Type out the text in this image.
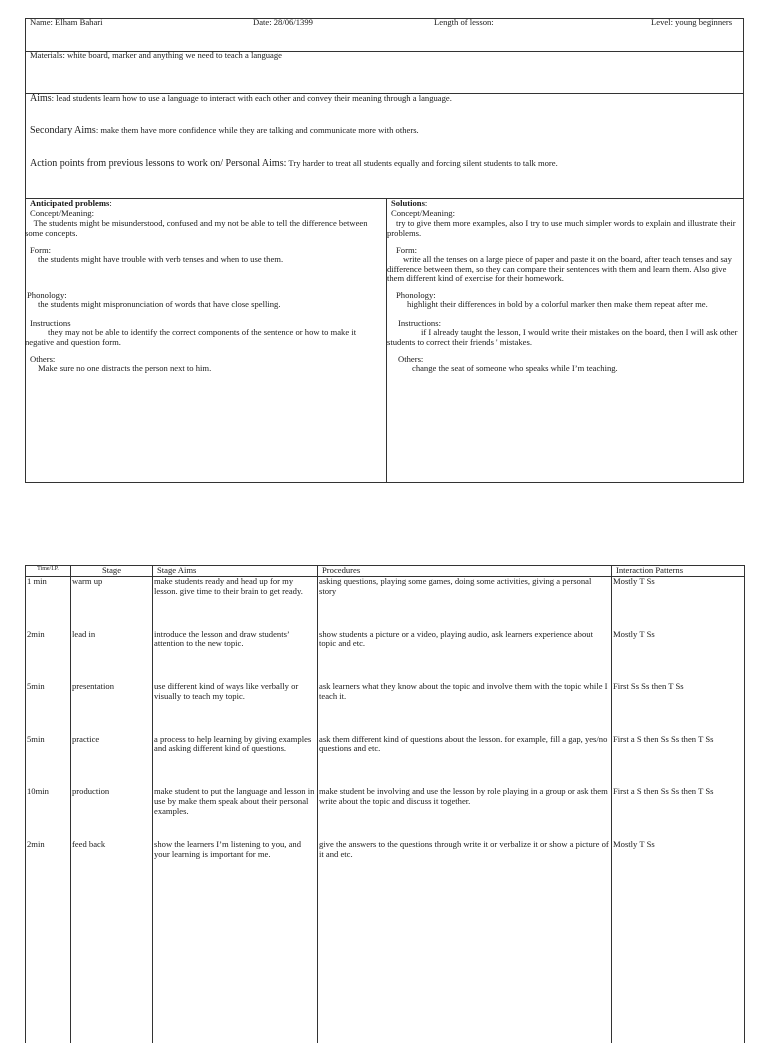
Name: Elham Bahari	Date: 28/06/1399	Length of lesson:	Level: young beginners
Materials: white board, marker and anything we need to teach a language
Aims: lead students learn how to use a language to interact with each other and convey their meaning through a language.
Secondary Aims: make them have more confidence while they are talking and communicate more with others.
Action points from previous lessons to work on/ Personal Aims: Try harder to treat all students equally and forcing silent students to talk more.
Anticipated problems:
Concept/Meaning:
The students might be misunderstood, confused and my not be able to tell the difference between some concepts.
Form:
the students might have trouble with verb tenses and when to use them.
Phonology:
the students might mispronunciation of words that have close spelling.
Instructions
they may not be able to identify the correct components of the sentence or how to make it negative and question form.
Others:
Make sure no one distracts the person next to him.
Solutions:
Concept/Meaning:
try to give them more examples, also I try to use much simpler words to explain and illustrate their problems.
Form:
write all the tenses on a large piece of paper and paste it on the board, after teach tenses and say difference between them, so they can compare their sentences with them and learn them. Also give them different kind of exercise for their homework.
Phonology:
highlight their differences in bold by a colorful marker then make them repeat after me.
Instructions:
if I already taught the lesson, I would write their mistakes on the board, then I will ask other students to correct their friends ' mistakes.
Others:
change the seat of someone who speaks while I’m teaching.
Time/I.P.	Stage	Stage Aims	Procedures	Interaction Patterns
1 min	warm up	make students ready and head up for my lesson. give time to their brain to get ready.	asking questions, playing some games, doing some activities, giving a personal story	Mostly T Ss
2min	lead in	introduce the lesson and draw students’ attention to the new topic.	show students a picture or a video, playing audio, ask learners experience about topic and etc.	Mostly T Ss
5min	presentation	use different kind of ways like verbally or visually to teach my topic.	ask learners what they know about the topic and involve them with the topic while I teach it.	First Ss Ss then T Ss
5min	practice	a process to help learning by giving examples and asking different kind of questions.	ask them different kind of questions about the lesson. for example, fill a gap, yes/no questions and etc.	First a S then Ss Ss then T Ss
10min	production	make student to put the language and lesson in use by make them speak about their personal examples.	make student be involving and use the lesson by role playing in a group or ask them write about the topic and discuss it together.	First a S then Ss Ss then T Ss
2min	feed back	show the learners I’m listening to you, and your learning is important for me.	give the answers to the questions through write it or verbalize it or show a picture of it and etc.	Mostly T Ss
